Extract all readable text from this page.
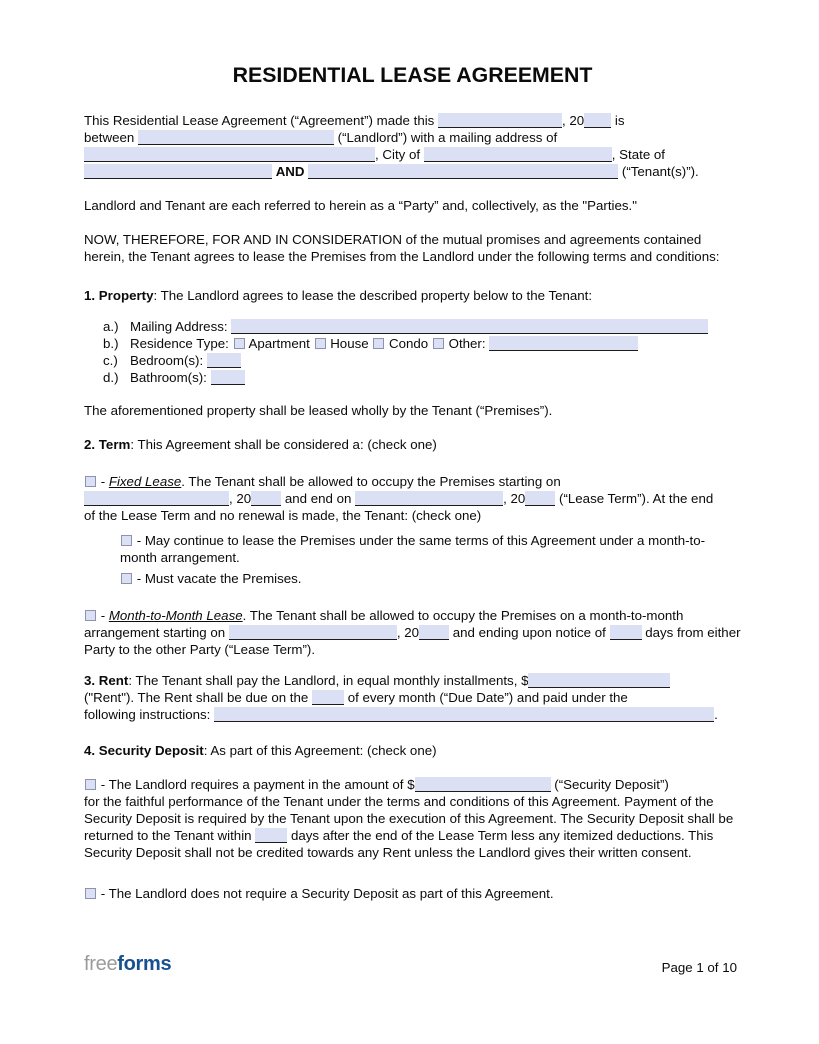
RESIDENTIAL LEASE AGREEMENT
This Residential Lease Agreement (“Agreement”) made this	, 20 is
between	(“Landlord”) with a mailing address of
, City of	, State of
AND	(“Tenant(s)”).
Landlord and Tenant are each referred to herein as a “Party” and, collectively, as the "Parties."
NOW, THEREFORE, FOR AND IN CONSIDERATION of the mutual promises and agreements contained herein, the Tenant agrees to lease the Premises from the Landlord under the following terms and conditions:
1. Property: The Landlord agrees to lease the described property below to the Tenant:
a.) Mailing Address:
b.) Residence Type:  Apartment  House  Condo  Other:
c.) Bedroom(s):
d.) Bathroom(s):
The aforementioned property shall be leased wholly by the Tenant (“Premises”).
2. Term: This Agreement shall be considered a: (check one)
- Fixed Lease. The Tenant shall be allowed to occupy the Premises starting on
, 20 and end on	, 20 (“Lease Term”). At the end
of the Lease Term and no renewal is made, the Tenant: (check one)
- May continue to lease the Premises under the same terms of this Agreement under a month-to-month arrangement.
- Must vacate the Premises.
- Month-to-Month Lease. The Tenant shall be allowed to occupy the Premises on a month-to-month arrangement starting on	, 20 and ending upon notice of  days from either Party to the other Party (“Lease Term”).
3. Rent: The Tenant shall pay the Landlord, in equal monthly installments, $
("Rent"). The Rent shall be due on the  of every month (“Due Date”) and paid under the
following instructions:	.
4. Security Deposit: As part of this Agreement: (check one)
- The Landlord requires a payment in the amount of $	(“Security Deposit”)
for the faithful performance of the Tenant under the terms and conditions of this Agreement. Payment of the Security Deposit is required by the Tenant upon the execution of this Agreement. The Security Deposit shall be returned to the Tenant within  days after the end of the Lease Term less any itemized deductions. This Security Deposit shall not be credited towards any Rent unless the Landlord gives their written consent.
- The Landlord does not require a Security Deposit as part of this Agreement.
freeforms	Page 1 of 10
